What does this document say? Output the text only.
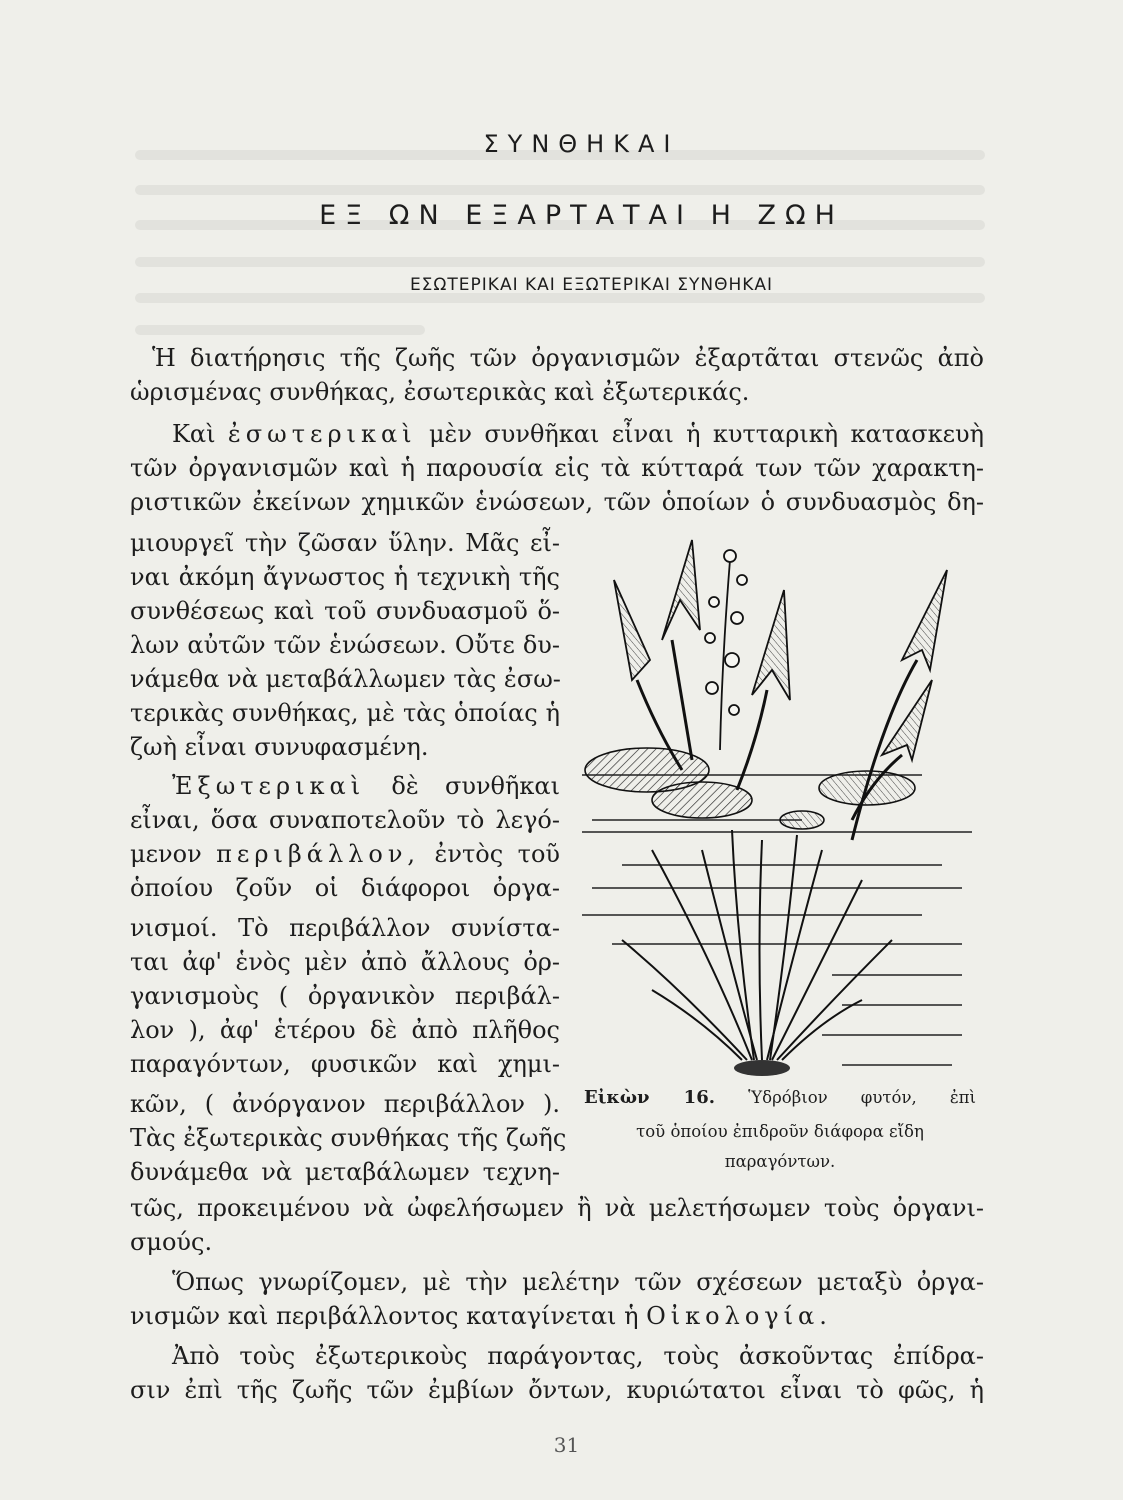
ΣΥΝΘΗΚΑΙ
ΕΞ ΩΝ ΕΞΑΡΤΑΤΑΙ Η ΖΩΗ
ΕΣΩΤΕΡΙΚΑΙ ΚΑΙ ΕΞΩΤΕΡΙΚΑΙ ΣΥΝΘΗΚΑΙ
Ἡ διατήρησις τῆς ζωῆς τῶν ὀργανισμῶν ἐξαρτᾶται στενῶς ἀπὸ
ὡρισμένας συνθήκας, ἐσωτερικὰς καὶ ἐξωτερικάς.
Καὶ ἐσωτερικαὶ μὲν συνθῆκαι εἶναι ἡ κυτταρικὴ κατασκευὴ
τῶν ὀργανισμῶν καὶ ἡ παρουσία εἰς τὰ κύτταρά των τῶν χαρακτη-
ριστικῶν ἐκείνων χημικῶν ἑνώσεων, τῶν ὁποίων ὁ συνδυασμὸς δη-
μιουργεῖ τὴν ζῶσαν ὕλην. Μᾶς εἶ-
ναι ἀκόμη ἄγνωστος ἡ τεχνικὴ τῆς
συνθέσεως καὶ τοῦ συνδυασμοῦ ὅ-
λων αὐτῶν τῶν ἑνώσεων. Οὔτε δυ-
νάμεθα νὰ μεταβάλλωμεν τὰς ἐσω-
τερικὰς συνθήκας, μὲ τὰς ὁποίας ἡ
ζωὴ εἶναι συνυφασμένη.
Ἐξωτερικαὶ δὲ συνθῆκαι
εἶναι, ὅσα συναποτελοῦν τὸ λεγό-
μενον περιβάλλον, ἐντὸς τοῦ
ὁποίου ζοῦν οἱ διάφοροι ὀργα-
νισμοί. Τὸ περιβάλλον συνίστα-
ται ἀφ' ἑνὸς μὲν ἀπὸ ἄλλους ὀρ-
γανισμοὺς ( ὀργανικὸν περιβάλ-
λον ), ἀφ' ἑτέρου δὲ ἀπὸ πλῆθος
παραγόντων, φυσικῶν καὶ χημι-
κῶν, ( ἀνόργανον περιβάλλον ).
Τὰς ἐξωτερικὰς συνθήκας τῆς ζωῆς
δυνάμεθα νὰ μεταβάλωμεν τεχνη-
τῶς, προκειμένου νὰ ὠφελήσωμεν ἢ νὰ μελετήσωμεν τοὺς ὀργανι-
σμούς.
Ὅπως γνωρίζομεν, μὲ τὴν μελέτην τῶν σχέσεων μεταξὺ ὀργα-
νισμῶν καὶ περιβάλλοντος καταγίνεται ἡ Οἰκολογία.
Ἀπὸ τοὺς ἐξωτερικοὺς παράγοντας, τοὺς ἀσκοῦντας ἐπίδρα-
σιν ἐπὶ τῆς ζωῆς τῶν ἐμβίων ὄντων, κυριώτατοι εἶναι τὸ φῶς, ἡ
Εἰκὼν 16. Ὑδρόβιον φυτόν, ἐπὶ
τοῦ ὁποίου ἐπιδροῦν διάφορα εἴδη
παραγόντων.
31
